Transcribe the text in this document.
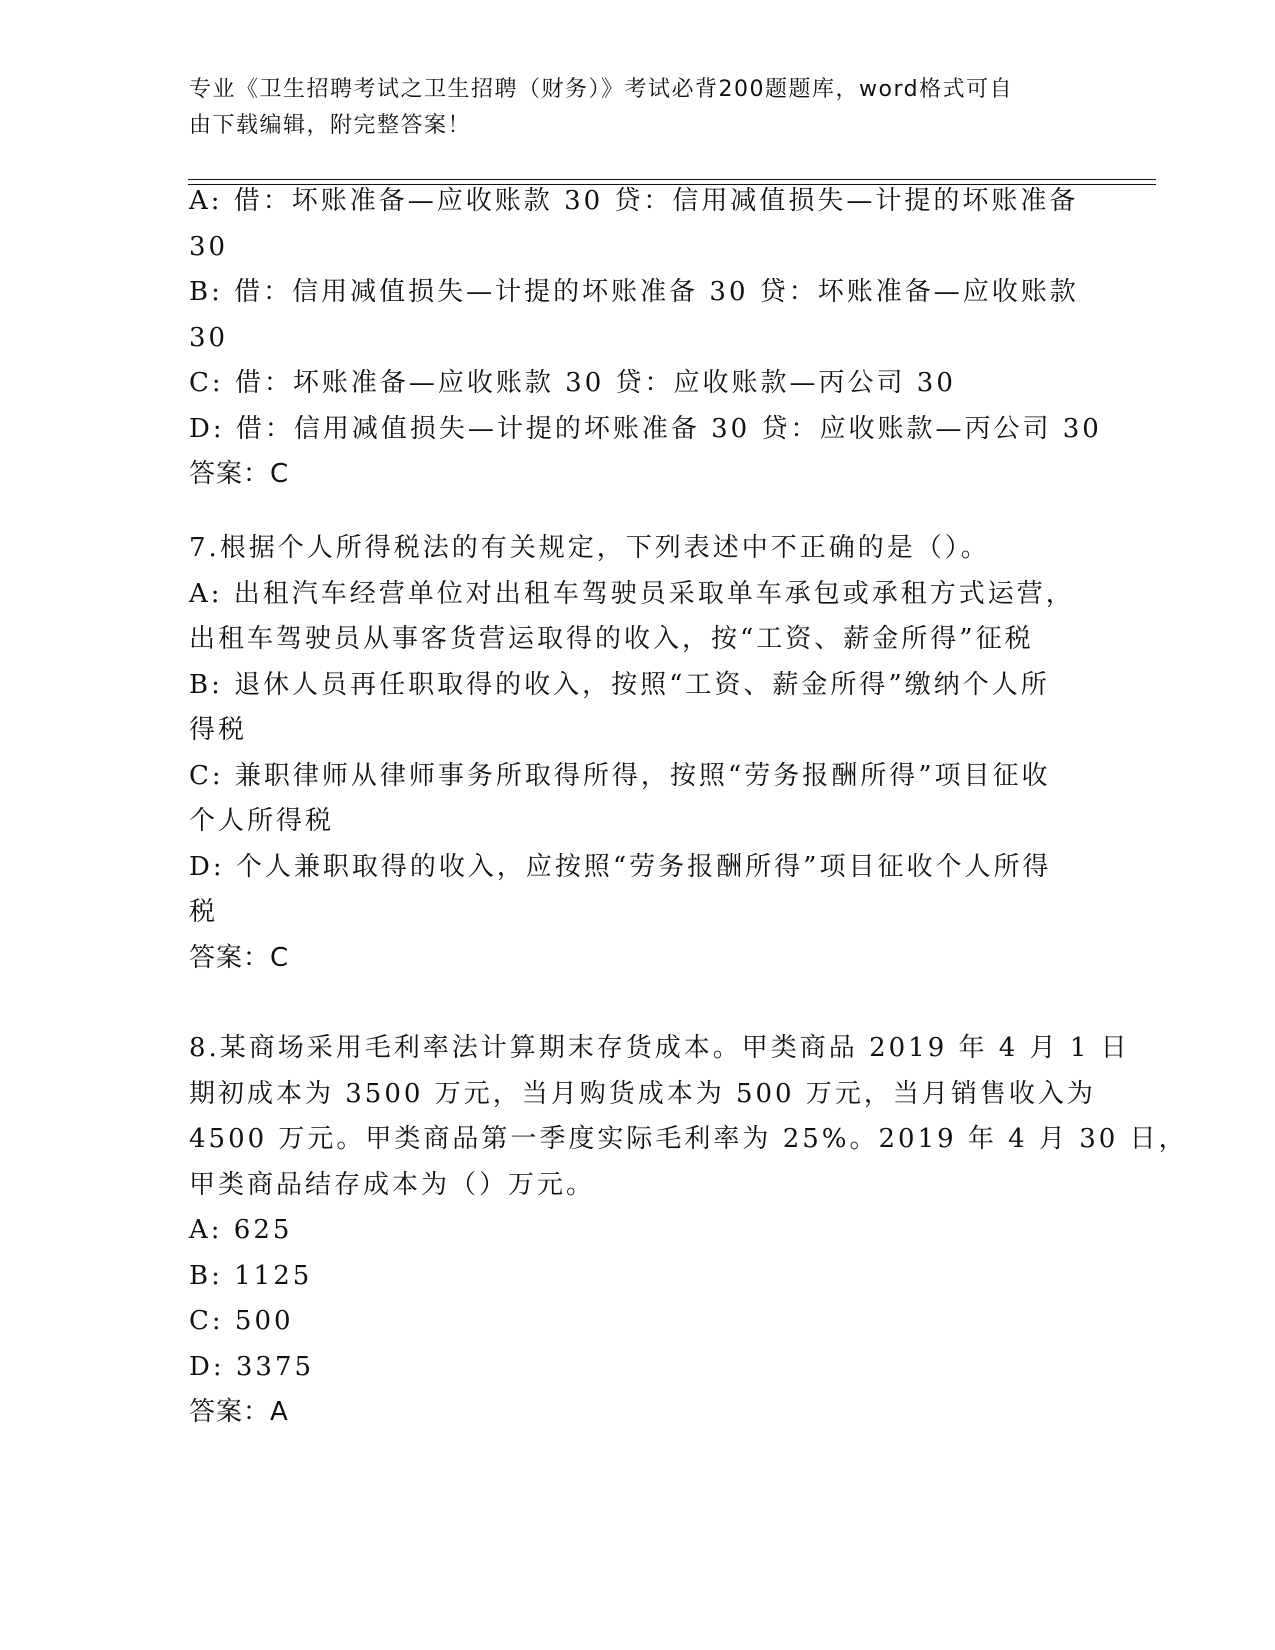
专业《卫生招聘考试之卫生招聘（财务）》考试必背200题题库，word格式可自
由下载编辑，附完整答案！
A: 借：坏账准备—应收账款 30 贷：信用减值损失—计提的坏账准备
30
B: 借：信用减值损失—计提的坏账准备 30 贷：坏账准备—应收账款
30
C: 借：坏账准备—应收账款 30 贷：应收账款—丙公司 30
D: 借：信用减值损失—计提的坏账准备 30 贷：应收账款—丙公司 30
答案：C
7.根据个人所得税法的有关规定，下列表述中不正确的是（）。
A: 出租汽车经营单位对出租车驾驶员采取单车承包或承租方式运营，
出租车驾驶员从事客货营运取得的收入，按“工资、薪金所得”征税
B: 退休人员再任职取得的收入，按照“工资、薪金所得”缴纳个人所
得税
C: 兼职律师从律师事务所取得所得，按照“劳务报酬所得”项目征收
个人所得税
D: 个人兼职取得的收入，应按照“劳务报酬所得”项目征收个人所得
税
答案：C
8.某商场采用毛利率法计算期末存货成本。甲类商品 2019 年 4 月 1 日
期初成本为 3500 万元，当月购货成本为 500 万元，当月销售收入为
4500 万元。甲类商品第一季度实际毛利率为 25%。2019 年 4 月 30 日，
甲类商品结存成本为（）万元。
A: 625
B: 1125
C: 500
D: 3375
答案：A
